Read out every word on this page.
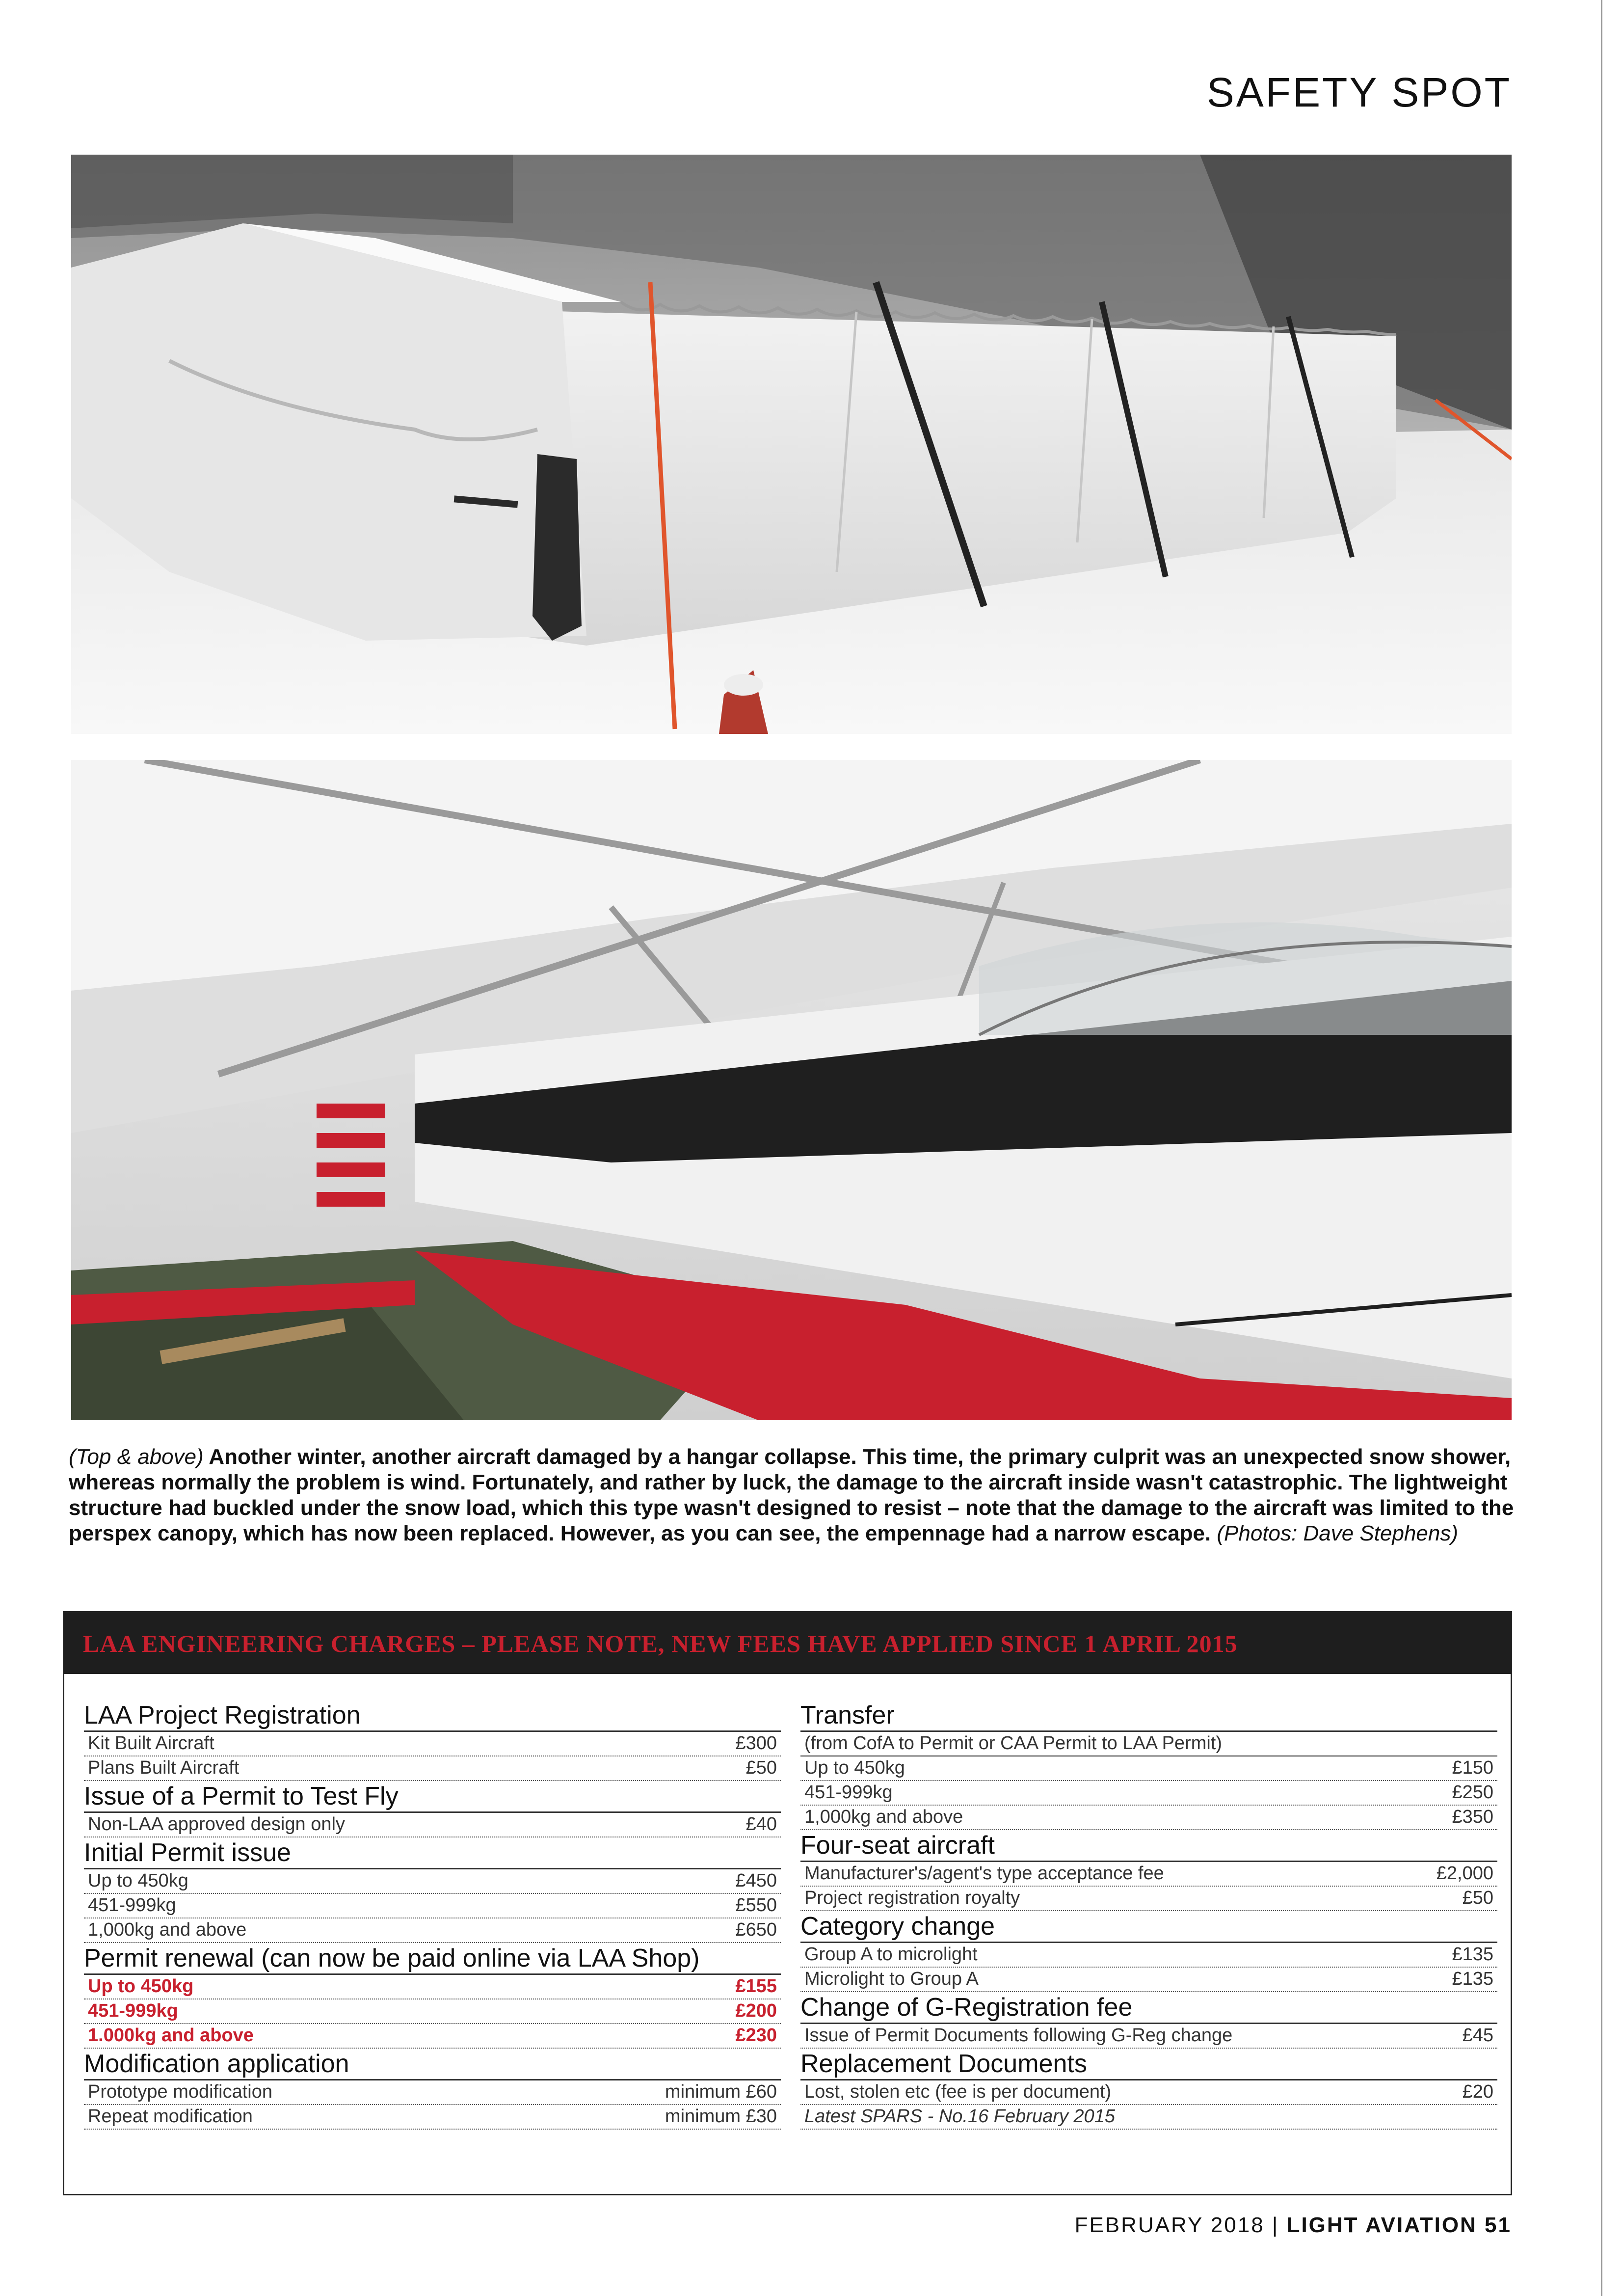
SAFETY SPOT
(Top & above) Another winter, another aircraft damaged by a hangar collapse. This time, the primary culprit was an unexpected snow shower, whereas normally the problem is wind. Fortunately, and rather by luck, the damage to the aircraft inside wasn't catastrophic. The lightweight structure had buckled under the snow load, which this type wasn't designed to resist – note that the damage to the aircraft was limited to the perspex canopy, which has now been replaced. However, as you can see, the empennage had a narrow escape. (Photos: Dave Stephens)
LAA ENGINEERING CHARGES – PLEASE NOTE, NEW FEES HAVE APPLIED SINCE 1 APRIL 2015
LAA Project Registration
Kit Built Aircraft	£300
Plans Built Aircraft	£50
Issue of a Permit to Test Fly
Non-LAA approved design only	£40
Initial Permit issue
Up to 450kg	£450
451-999kg	£550
1,000kg and above	£650
Permit renewal (can now be paid online via LAA Shop)
Up to 450kg	£155
451-999kg	£200
1.000kg and above	£230
Modification application
Prototype modification	minimum £60
Repeat modification	minimum £30
Transfer
(from CofA to Permit or CAA Permit to LAA Permit)
Up to 450kg	£150
451-999kg	£250
1,000kg and above	£350
Four-seat aircraft
Manufacturer's/agent's type acceptance fee	£2,000
Project registration royalty	£50
Category change
Group A to microlight	£135
Microlight to Group A	£135
Change of G-Registration fee
Issue of Permit Documents following G-Reg change	£45
Replacement Documents
Lost, stolen etc (fee is per document)	£20
Latest SPARS - No.16 February 2015
FEBRUARY 2018 | LIGHT AVIATION 51
